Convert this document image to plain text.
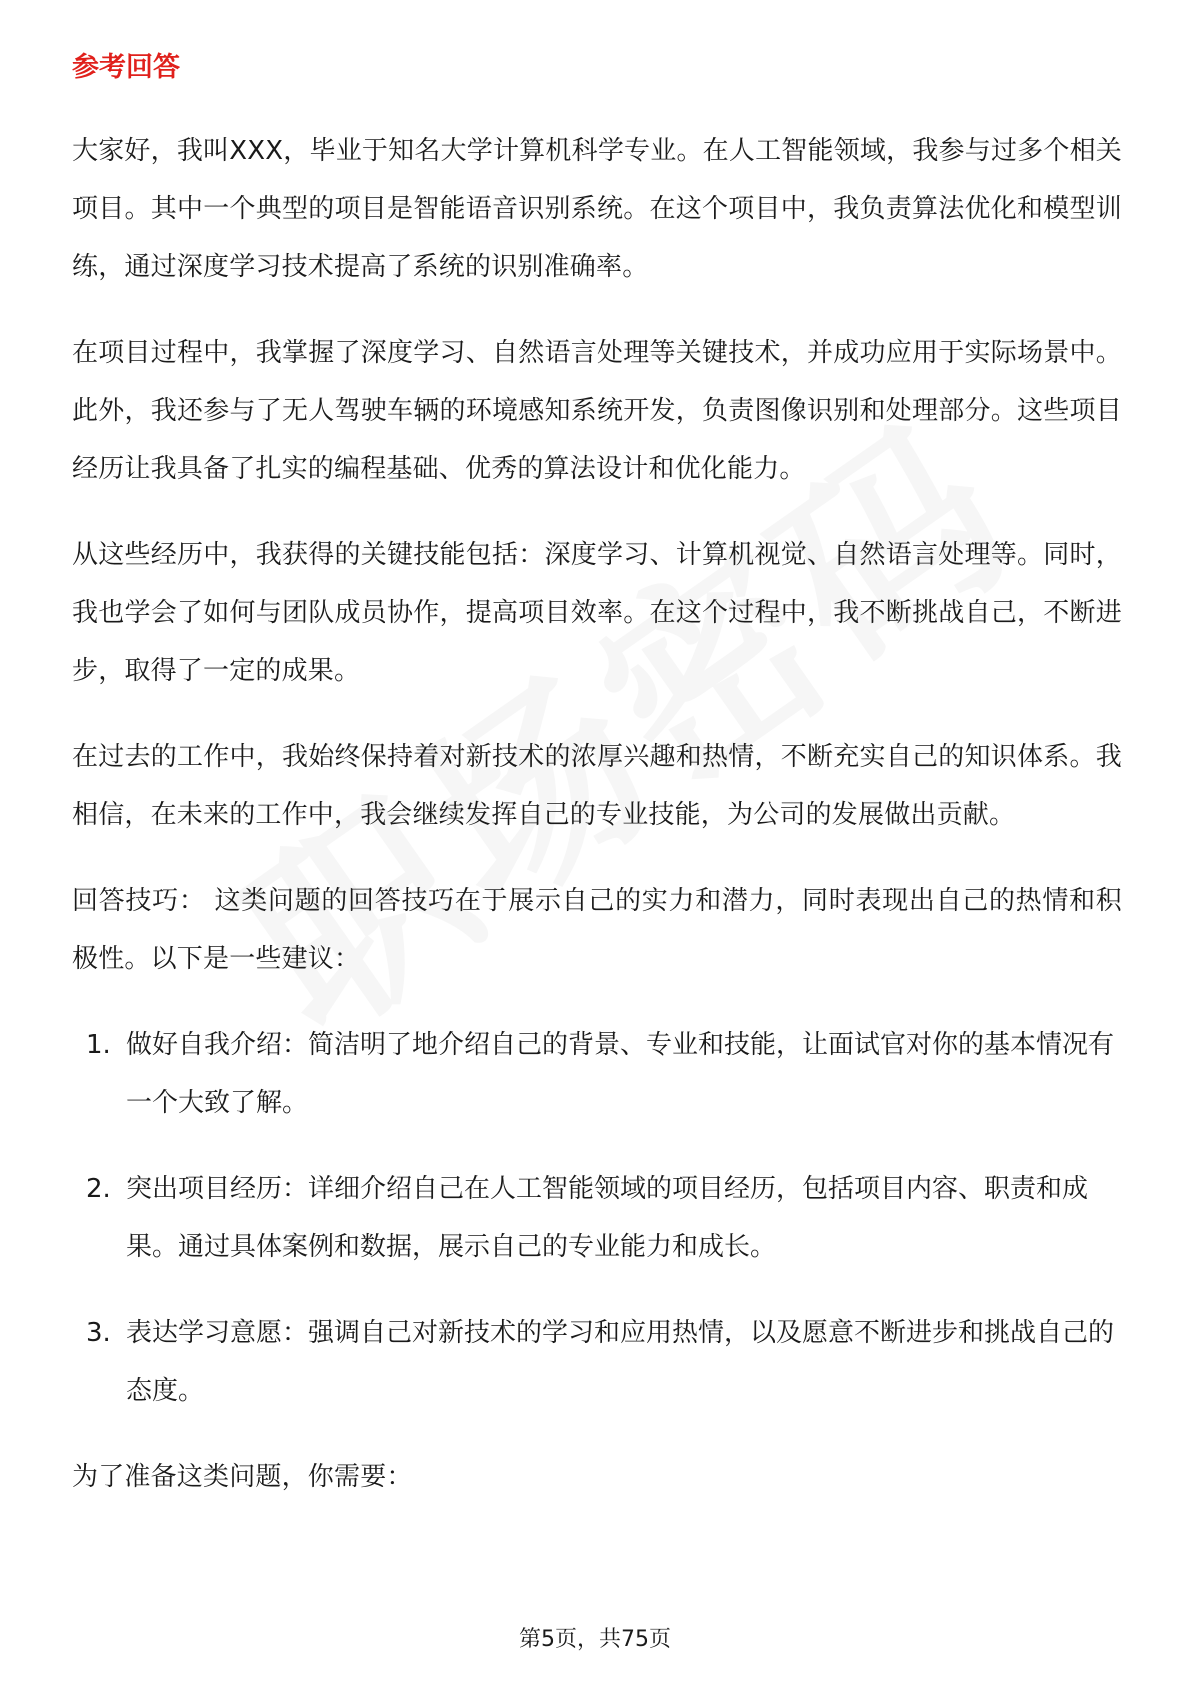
参考回答

大家好，我叫XXX，毕业于知名大学计算机科学专业。在人工智能领域，我参与过多个相关项目。其中一个典型的项目是智能语音识别系统。在这个项目中，我负责算法优化和模型训练，通过深度学习技术提高了系统的识别准确率。

在项目过程中，我掌握了深度学习、自然语言处理等关键技术，并成功应用于实际场景中。此外，我还参与了无人驾驶车辆的环境感知系统开发，负责图像识别和处理部分。这些项目经历让我具备了扎实的编程基础、优秀的算法设计和优化能力。

从这些经历中，我获得的关键技能包括：深度学习、计算机视觉、自然语言处理等。同时，我也学会了如何与团队成员协作，提高项目效率。在这个过程中，我不断挑战自己，不断进步，取得了一定的成果。

在过去的工作中，我始终保持着对新技术的浓厚兴趣和热情，不断充实自己的知识体系。我相信，在未来的工作中，我会继续发挥自己的专业技能，为公司的发展做出贡献。

回答技巧： 这类问题的回答技巧在于展示自己的实力和潜力，同时表现出自己的热情和积极性。以下是一些建议：

1. 做好自我介绍：简洁明了地介绍自己的背景、专业和技能，让面试官对你的基本情况有一个大致了解。
2. 突出项目经历：详细介绍自己在人工智能领域的项目经历，包括项目内容、职责和成果。通过具体案例和数据，展示自己的专业能力和成长。
3. 表达学习意愿：强调自己对新技术的学习和应用热情，以及愿意不断进步和挑战自己的态度。

为了准备这类问题，你需要：

第5页，共75页
